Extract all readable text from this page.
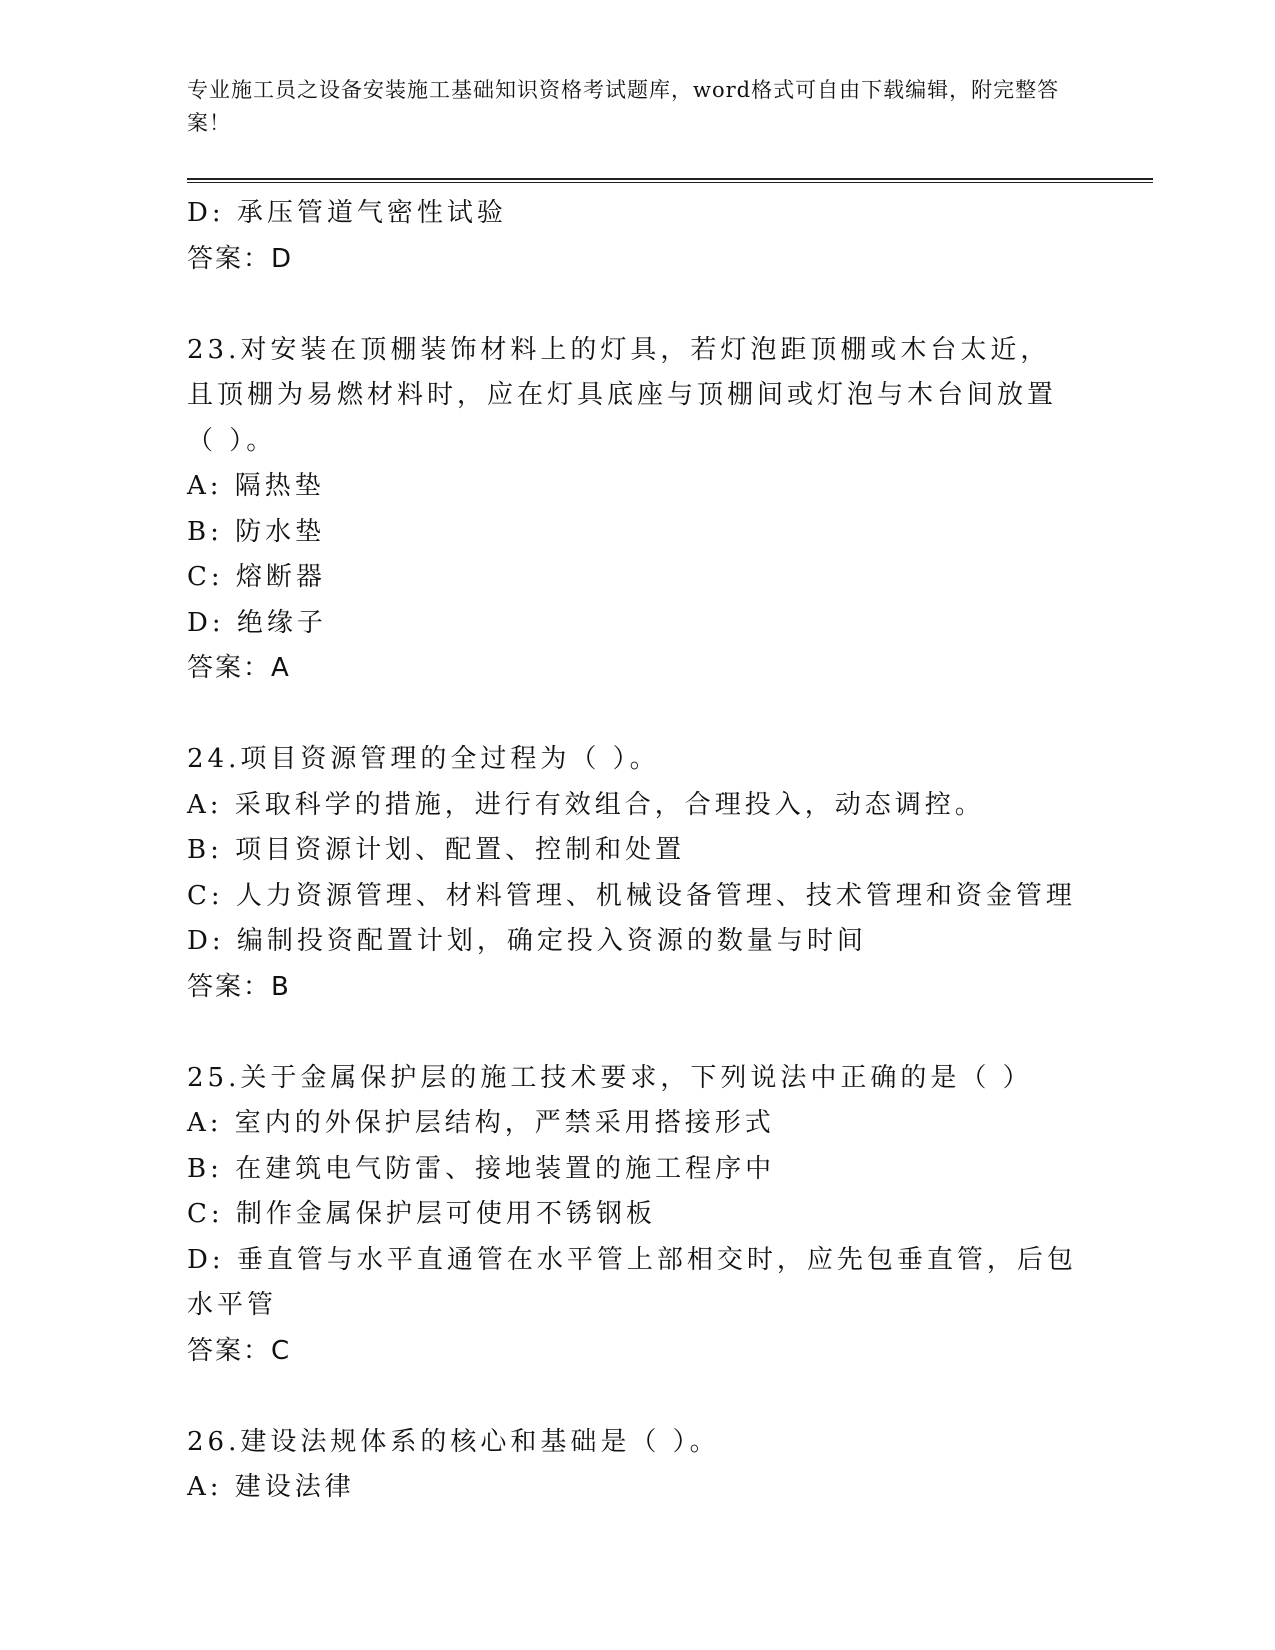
专业施工员之设备安装施工基础知识资格考试题库，word格式可自由下载编辑，附完整答案！
D: 承压管道气密性试验
答案：D
23.对安装在顶棚装饰材料上的灯具，若灯泡距顶棚或木台太近，且顶棚为易燃材料时，应在灯具底座与顶棚间或灯泡与木台间放置（ ）。
A: 隔热垫
B: 防水垫
C: 熔断器
D: 绝缘子
答案：A
24.项目资源管理的全过程为（ ）。
A: 采取科学的措施，进行有效组合，合理投入，动态调控。
B: 项目资源计划、配置、控制和处置
C: 人力资源管理、材料管理、机械设备管理、技术管理和资金管理
D: 编制投资配置计划，确定投入资源的数量与时间
答案：B
25.关于金属保护层的施工技术要求，下列说法中正确的是（ ）
A: 室内的外保护层结构，严禁采用搭接形式
B: 在建筑电气防雷、接地装置的施工程序中
C: 制作金属保护层可使用不锈钢板
D: 垂直管与水平直通管在水平管上部相交时，应先包垂直管，后包水平管
答案：C
26.建设法规体系的核心和基础是（ ）。
A: 建设法律
